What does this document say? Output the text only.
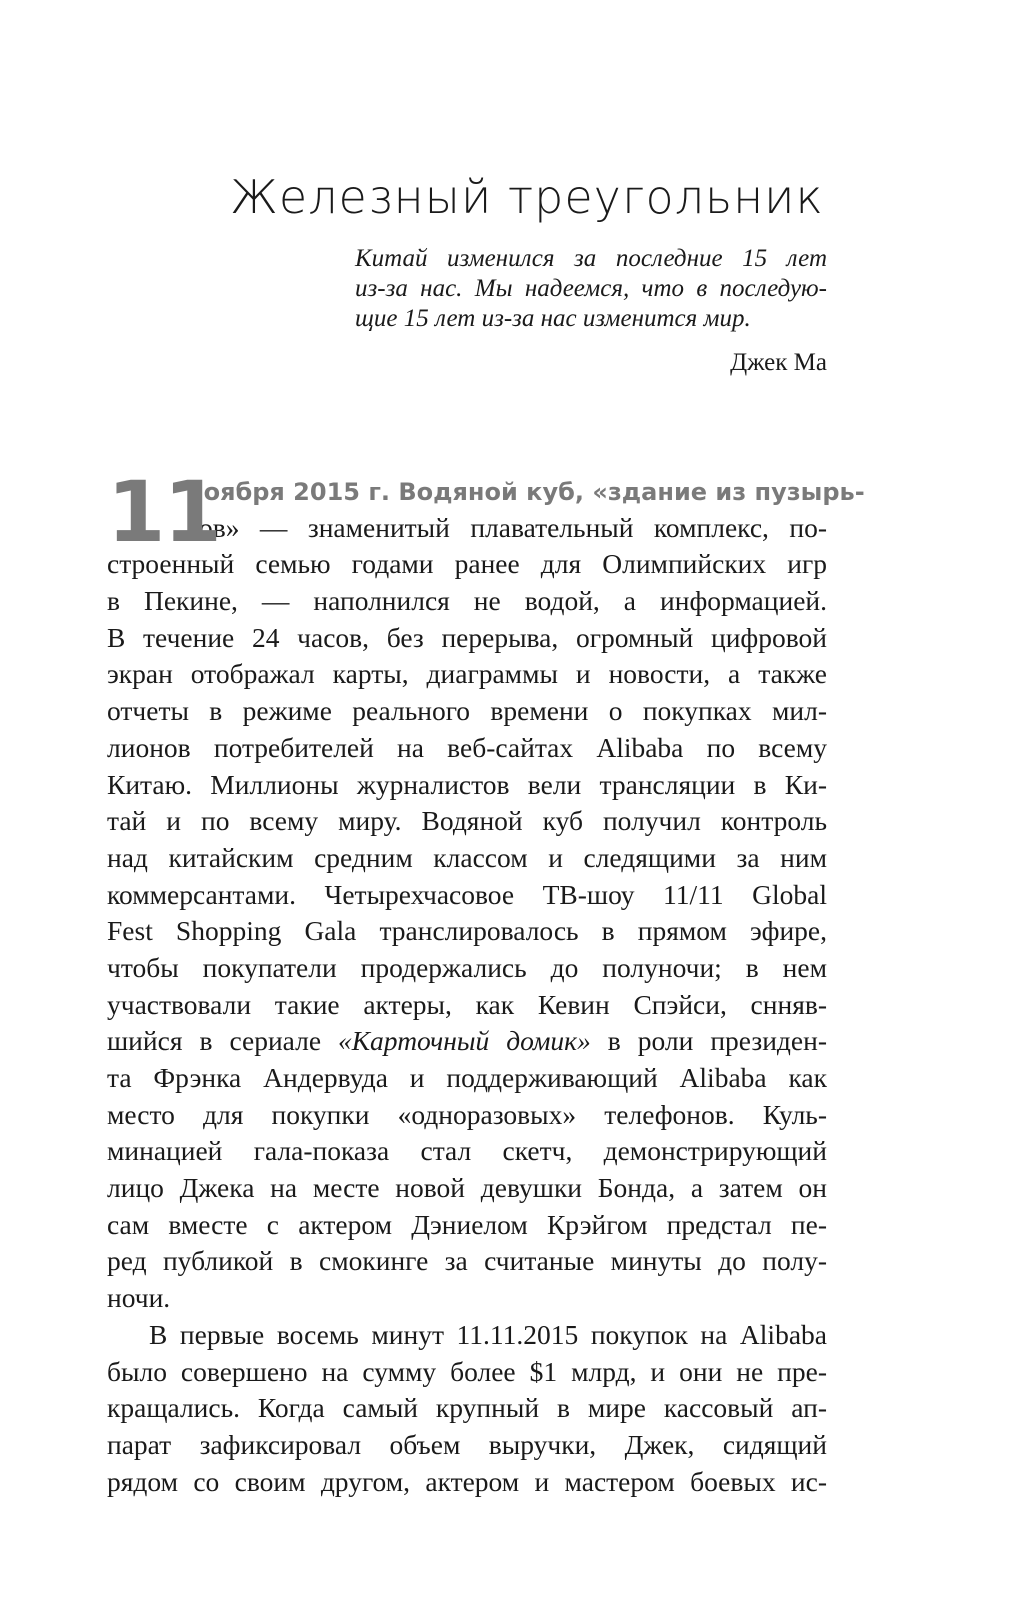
Железный треугольник
Китай изменился за последние 15 лет
из-за нас. Мы надеемся, что в последую-
щие 15 лет из-за нас изменится мир.
Джек Ма
11
ноября 2015 г. Водяной куб, «здание из пузырь-
ков» — знаменитый плавательный комплекс, по-
строенный семью годами ранее для Олимпийских игр
в Пекине, — наполнился не водой, а информацией.
В течение 24 часов, без перерыва, огромный цифровой
экран отображал карты, диаграммы и новости, а также
отчеты в режиме реального времени о покупках мил-
лионов потребителей на веб-сайтах Alibaba по всему
Китаю. Миллионы журналистов вели трансляции в Ки-
тай и по всему миру. Водяной куб получил контроль
над китайским средним классом и следящими за ним
коммерсантами. Четырехчасовое ТВ-шоу 11/11 Global
Fest Shopping Gala транслировалось в прямом эфире,
чтобы покупатели продержались до полуночи; в нем
участвовали такие актеры, как Кевин Спэйси, снняв-
шийся в сериале «Карточный домик» в роли президен-
та Фрэнка Андервуда и поддерживающий Alibaba как
место для покупки «одноразовых» телефонов. Куль-
минацией гала-показа стал скетч, демонстрирующий
лицо Джека на месте новой девушки Бонда, а затем он
сам вместе с актером Дэниелом Крэйгом предстал пе-
ред публикой в смокинге за считаные минуты до полу-
ночи.
В первые восемь минут 11.11.2015 покупок на Alibaba
было совершено на сумму более $1 млрд, и они не пре-
кращались. Когда самый крупный в мире кассовый ап-
парат зафиксировал объем выручки, Джек, сидящий
рядом со своим другом, актером и мастером боевых ис-
